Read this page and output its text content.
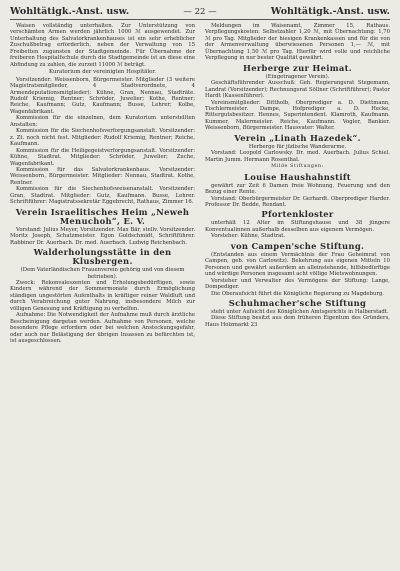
Wohltätigk.-Anst. usw.	— 22 —	Wohltätigk.-Anst. usw.

Waisen vollständig unterhalten. Zur Unterstützung von verschämten Armen werden jährlich 1000 ℳ ausgewendet. Zur Unterhaltung des Salvatorkrankenhauses ist ein sehr erheblicher Zuschußbetrag erforderlich, neben der Verwaltung von 15 Freibetten zugunsten der Stadtgemeinde. Für Übernahme der freiberen Hospitalfschule durch die Stadtgemeinde ist an diese eine Abfindung zu zahlen, die zurzeit 11000 ℳ beträgt.

Kuratorium der vereinigten Hospitäler.

Vorsitzender: Weissenborn, Bürgermeister. Mitglieder (3 weitere Magistratsmitglieder, 4 Stadtverordnete, 4 Armendeputationsmitglieder): Kühne, Gran, Nennau, Stadträte. Rudolf Kriemig, Rentner; Schröder, Juwelier; Kothe, Rentner; Reiche, Kaufmann; Gutz, Kaufmann; Busse, Lehrer; Kolbe, Wagenfabrikant.

Kommission für die einzelnen, dem Kuratorium unterstellten Anstalten:

Kommission für die Siechenhofsverforgungsanstalt. Vorsitzender: z. Zt. noch nicht fest. Mitglieder: Rudolf Kriemig, Rentner; Reiche, Kaufmann.

Kommission für die Heiligegeistverforgungsanstalt. Vorsitzender: Kühne, Stadtrat. Mitglieder: Schröder, Juwelier; Zuche, Wagenfabrikant.

Kommission für das Salvatorkrankenhaus. Vorsitzender: Weissenborn, Bürgermeister. Mitglieder: Nennau, Stadtrat. Kothe, Rentner.

Kommission für die Siechenhofsweisenanstalt. Vorsitzender: Gran, Stadtrat. Mitglieder: Gutz, Kaufmann. Busse, Lehrer. Schriftführer: Magistratssekretär Eggebrecht, Rathaus, Zimmer 16.

Verein Israelitisches Heim „Neweh Menuchoh“, E. V.

Vorstand: Julius Meyer, Vorsitzender. Max Bär, stellv. Vorsitzender. Moritz Joseph, Schatzmeister. Egon Goldschmidt, Schriftführer. Rabbiner Dr. Auerbach. Dr. med. Auerbach. Ludwig Reichenbach.

Walderholungsstätte in den Klusbergen.
(Dem Vaterländischen Frauenverein gehörig und von diesem betrieben).

Zweck: Rekonvaleszenten und Erholungsbedürftigen, sowie Kindern während der Sommermonate durch Ermöglichung ständigen ungestörten Aufenthalts in kräftiger reiner Waldluft und durch Verabreichung guter Nahrung, insbesondere Milch zur völligen Genesung und Kräftigung zu verhelfen.

Aufnahme: Die Notwendigkeit der Aufnahme muß durch ärztliche Bescheinigung dargetan werden. Aufnahme von Personen, welche besondere Pflege erfordern oder bei welchen Ansteckungsgefahr, oder auch nur Belästigung der übrigen Insassen zu befürchten ist, ist ausgeschlossen.

Meldungen im Waisenamt, Zimmer 15, Rathaus. Verpflegungskosten: Selbstzahler 1,20 ℳ, mit Übernachtung: 1,70 ℳ pro Tag. Mitglieder der hiesigen Krankenkassen und für die von der Armenverwaltung überwiesenen Personen 1,— ℳ, mit Übernachtung 1,50 ℳ pro Tag. Hierfür wird volle und reichliche Verpflegung in nur bester Qualität gewährt.

Herberge zur Heimat.
(Eingetragener Verein).

Geschäftsführender Ausschuß: Geh. Regierungsrat Stegemann, Landrat (Vorsitzender); Rechnungsrat Söllner (Schriftführer); Pastor Hardt (Kassenführer).

Vereinsmitglieder: Dittholb, Oberprediger a. D. Diettmann, Tischlermeister. Dampe, Hofprediger a. D. Hecke, Rittergutsbesitzer. Hennes, Superintendent. Klamroth, Kaufmann. Kummer, Malermeister. Reiche, Kaufmann. Vogler, Bankier. Weissenborn, Bürgermeister. Hausvater: Walter.

Verein „Linath Hazedek“.
Herberge für jüdische Wanderarme.

Vorstand: Leopold Carlowsky. Dr. med. Auerbach. Julius Schiel. Martin Jumm. Hermann Rosenthal.

Milde Stiftungen:
Louise Haushahnstift

gewährt zur Zeit 6 Damen freie Wohnung, Feuerung und den Bezug einer Rente.

Vorstand: Oberbürgermeister Dr. Gerhardt. Oberprediger Harder. Professor Dr. Bedde, Rendant.

Pfortenkloster

unterhält 12 Alter im Stiftungshause und 38 jüngere Konventualinnen außerhalb desselben aus eigenem Vermögen.

Vorsteher: Kühne, Stadtrat.

von Campen'sche Stiftung.

(Entstanden aus einem Vermächtnis der Frau Geheimrat von Campen, geb. von Carlowitz). Bekehrung aus eigenen Mitteln 10 Personen und gewährt außerdem an alleinstehende, hilfsbedürftige und würdige Personen insgesamt acht völlige Mietswohnungen.

Vorsteher und Verwalter des Vermögens der Stiftung: Lange, Dompediger.

Die Oberaufsicht führt die Königliche Regierung zu Magdeburg.

Schuhmacher'sche Stiftung

steht unter Aufsicht des Königlichen Amtsgerichts in Halberstadt.

Diese Stiftung besitzt aus dem früheren Eigentum des Gründers, Haus Holzmarkt 23
